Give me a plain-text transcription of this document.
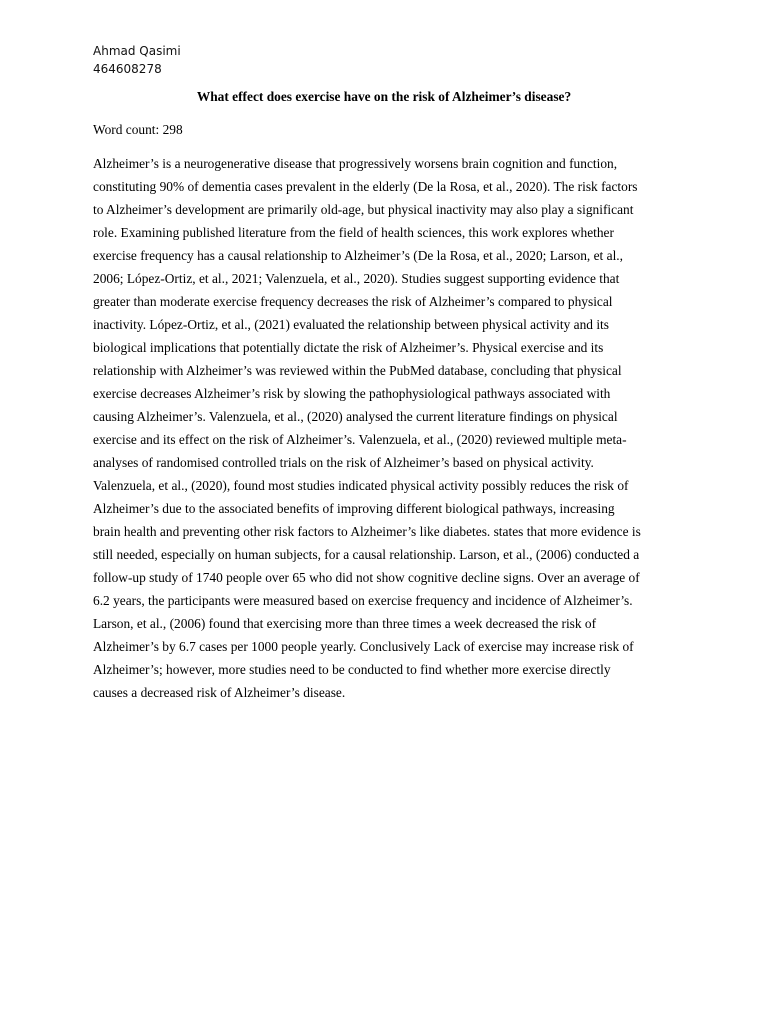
Ahmad Qasimi
464608278
What effect does exercise have on the risk of Alzheimer’s disease?
Word count: 298
Alzheimer’s is a neurogenerative disease that progressively worsens brain cognition and function,
constituting 90% of dementia cases prevalent in the elderly (De la Rosa, et al., 2020). The risk factors
to Alzheimer’s development are primarily old-age, but physical inactivity may also play a significant
role. Examining published literature from the field of health sciences, this work explores whether
exercise frequency has a causal relationship to Alzheimer’s (De la Rosa, et al., 2020; Larson, et al.,
2006; López-Ortiz, et al., 2021; Valenzuela, et al., 2020). Studies suggest supporting evidence that
greater than moderate exercise frequency decreases the risk of Alzheimer’s compared to physical
inactivity. López-Ortiz, et al., (2021) evaluated the relationship between physical activity and its
biological implications that potentially dictate the risk of Alzheimer’s. Physical exercise and its
relationship with Alzheimer’s was reviewed within the PubMed database, concluding that physical
exercise decreases Alzheimer’s risk by slowing the pathophysiological pathways associated with
causing Alzheimer’s. Valenzuela, et al., (2020) analysed the current literature findings on physical
exercise and its effect on the risk of Alzheimer’s. Valenzuela, et al., (2020) reviewed multiple meta-
analyses of randomised controlled trials on the risk of Alzheimer’s based on physical activity.
Valenzuela, et al., (2020), found most studies indicated physical activity possibly reduces the risk of
Alzheimer’s due to the associated benefits of improving different biological pathways, increasing
brain health and preventing other risk factors to Alzheimer’s like diabetes. states that more evidence is
still needed, especially on human subjects, for a causal relationship. Larson, et al., (2006) conducted a
follow-up study of 1740 people over 65 who did not show cognitive decline signs. Over an average of
6.2 years, the participants were measured based on exercise frequency and incidence of Alzheimer’s.
Larson, et al., (2006) found that exercising more than three times a week decreased the risk of
Alzheimer’s by 6.7 cases per 1000 people yearly. Conclusively Lack of exercise may increase risk of
Alzheimer’s; however, more studies need to be conducted to find whether more exercise directly
causes a decreased risk of Alzheimer’s disease.
